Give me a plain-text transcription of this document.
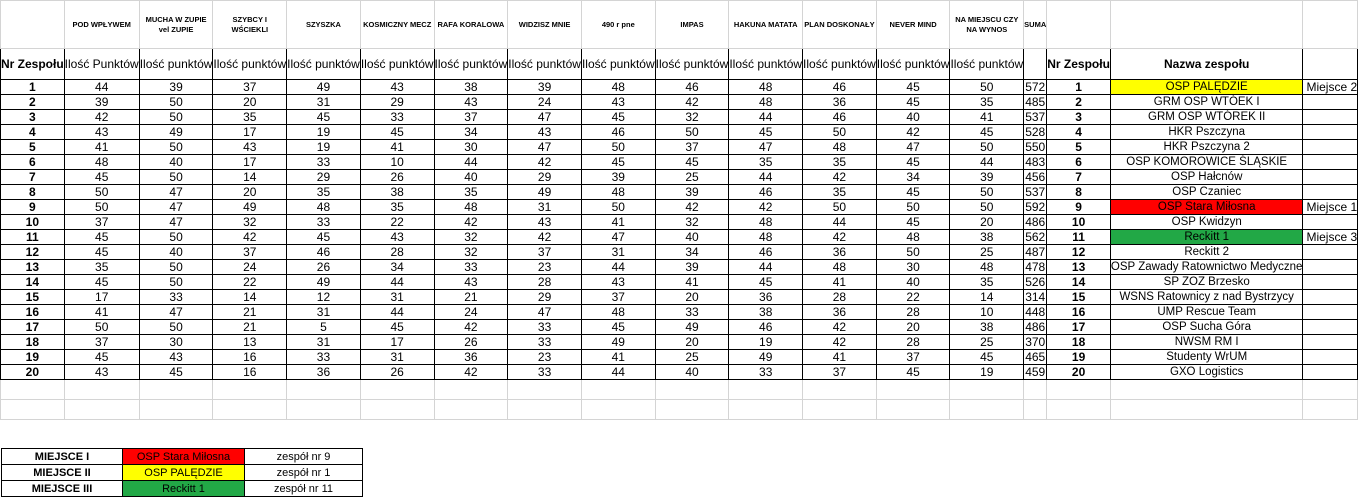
	POD WPŁYWEM	MUCHA W ZUPIE vel ZUPIE	SZYBCY I WŚCIEKLI	SZYSZKA	KOSMICZNY MECZ	RAFA KORALOWA	WIDZISZ MNIE	490 r pne	IMPAS	HAKUNA MATATA	PLAN DOSKONAŁY	NEVER MIND	NA MIEJSCU CZY NA WYNOS	SUMA			
Nr Zespołu	Ilość Punktów	Ilość punktów	Ilość punktów	Ilość punktów	Ilość punktów	Ilość punktów	Ilość punktów	Ilość punktów	Ilość punktów	Ilość punktów	Ilość punktów	Ilość punktów	Ilość punktów		Nr Zespołu	Nazwa zespołu	
1	44	39	37	49	43	38	39	48	46	48	46	45	50	572	1	OSP PALĘDZIE	Miejsce 2
2	39	50	20	31	29	43	24	43	42	48	36	45	35	485	2	GRM OSP WTÓEK I	
3	42	50	35	45	33	37	47	45	32	44	46	40	41	537	3	GRM OSP WTÓREK II	
4	43	49	17	19	45	34	43	46	50	45	50	42	45	528	4	HKR Pszczyna	
5	41	50	43	19	41	30	47	50	37	47	48	47	50	550	5	HKR Pszczyna 2	
6	48	40	17	33	10	44	42	45	45	35	35	45	44	483	6	OSP KOMOROWICE ŚLĄSKIE	
7	45	50	14	29	26	40	29	39	25	44	42	34	39	456	7	OSP Hałcnów	
8	50	47	20	35	38	35	49	48	39	46	35	45	50	537	8	OSP Czaniec	
9	50	47	49	48	35	48	31	50	42	42	50	50	50	592	9	OSP Stara Miłosna	Miejsce 1
10	37	47	32	33	22	42	43	41	32	48	44	45	20	486	10	OSP Kwidzyn	
11	45	50	42	45	43	32	42	47	40	48	42	48	38	562	11	Reckitt 1	Miejsce 3
12	45	40	37	46	28	32	37	31	34	46	36	50	25	487	12	Reckitt 2	
13	35	50	24	26	34	33	23	44	39	44	48	30	48	478	13	OSP Zawady Ratownictwo Medyczne	
14	45	50	22	49	44	43	28	43	41	45	41	40	35	526	14	SP ZOZ Brzesko	
15	17	33	14	12	31	21	29	37	20	36	28	22	14	314	15	WSNS Ratownicy z nad Bystrzycy	
16	41	47	21	31	44	24	47	48	33	38	36	28	10	448	16	UMP Rescue Team	
17	50	50	21	5	45	42	33	45	49	46	42	20	38	486	17	OSP Sucha Góra	
18	37	30	13	31	17	26	33	49	20	19	42	28	25	370	18	NWSM RM I	
19	45	43	16	33	31	36	23	41	25	49	41	37	45	465	19	Studenty WrUM	
20	43	45	16	36	26	42	33	44	40	33	37	45	19	459	20	GXO Logistics	

MIEJSCE I	OSP Stara Miłosna	zespół nr 9
MIEJSCE II	OSP PALĘDZIE	zespół nr 1
MIEJSCE III	Reckitt 1	zespół nr 11
